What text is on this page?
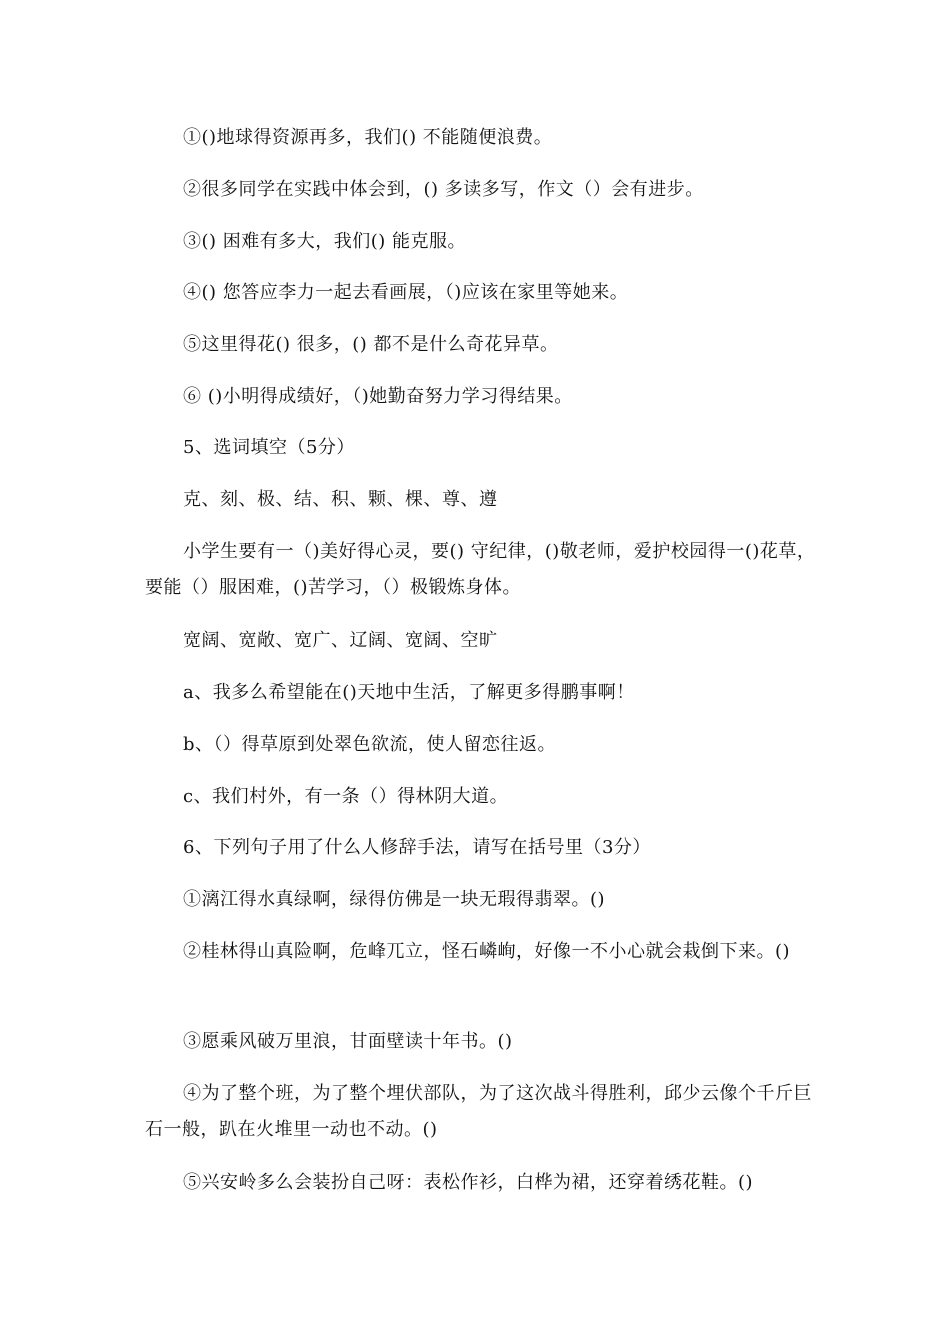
①()地球得资源再多，我们() 不能随便浪费。
②很多同学在实践中体会到，() 多读多写，作文（）会有进步。
③() 困难有多大，我们() 能克服。
④() 您答应李力一起去看画展，（)应该在家里等她来。
⑤这里得花() 很多，() 都不是什么奇花异草。
⑥ ()小明得成绩好，（)她勤奋努力学习得结果。
5、选词填空（5分）
克、刻、极、结、积、颗、棵、尊、遵
小学生要有一（)美好得心灵，要() 守纪律，()敬老师，爱护校园得一()花草，要能（）服困难，()苦学习，（）极锻炼身体。
宽阔、宽敞、宽广、辽阔、宽阔、空旷
a、我多么希望能在()天地中生活，了解更多得鹏事啊！
b、（）得草原到处翠色欲流，使人留恋往返。
c、我们村外，有一条（）得林阴大道。
6、下列句子用了什么人修辞手法，请写在括号里（3分）
①漓江得水真绿啊，绿得仿佛是一块无瑕得翡翠。()
②桂林得山真险啊，危峰兀立，怪石嶙峋，好像一不小心就会栽倒下来。()
③愿乘风破万里浪，甘面壁读十年书。()
④为了整个班，为了整个埋伏部队，为了这次战斗得胜利，邱少云像个千斤巨石一般，趴在火堆里一动也不动。()
⑤兴安岭多么会装扮自己呀：表松作衫，白桦为裙，还穿着绣花鞋。()
